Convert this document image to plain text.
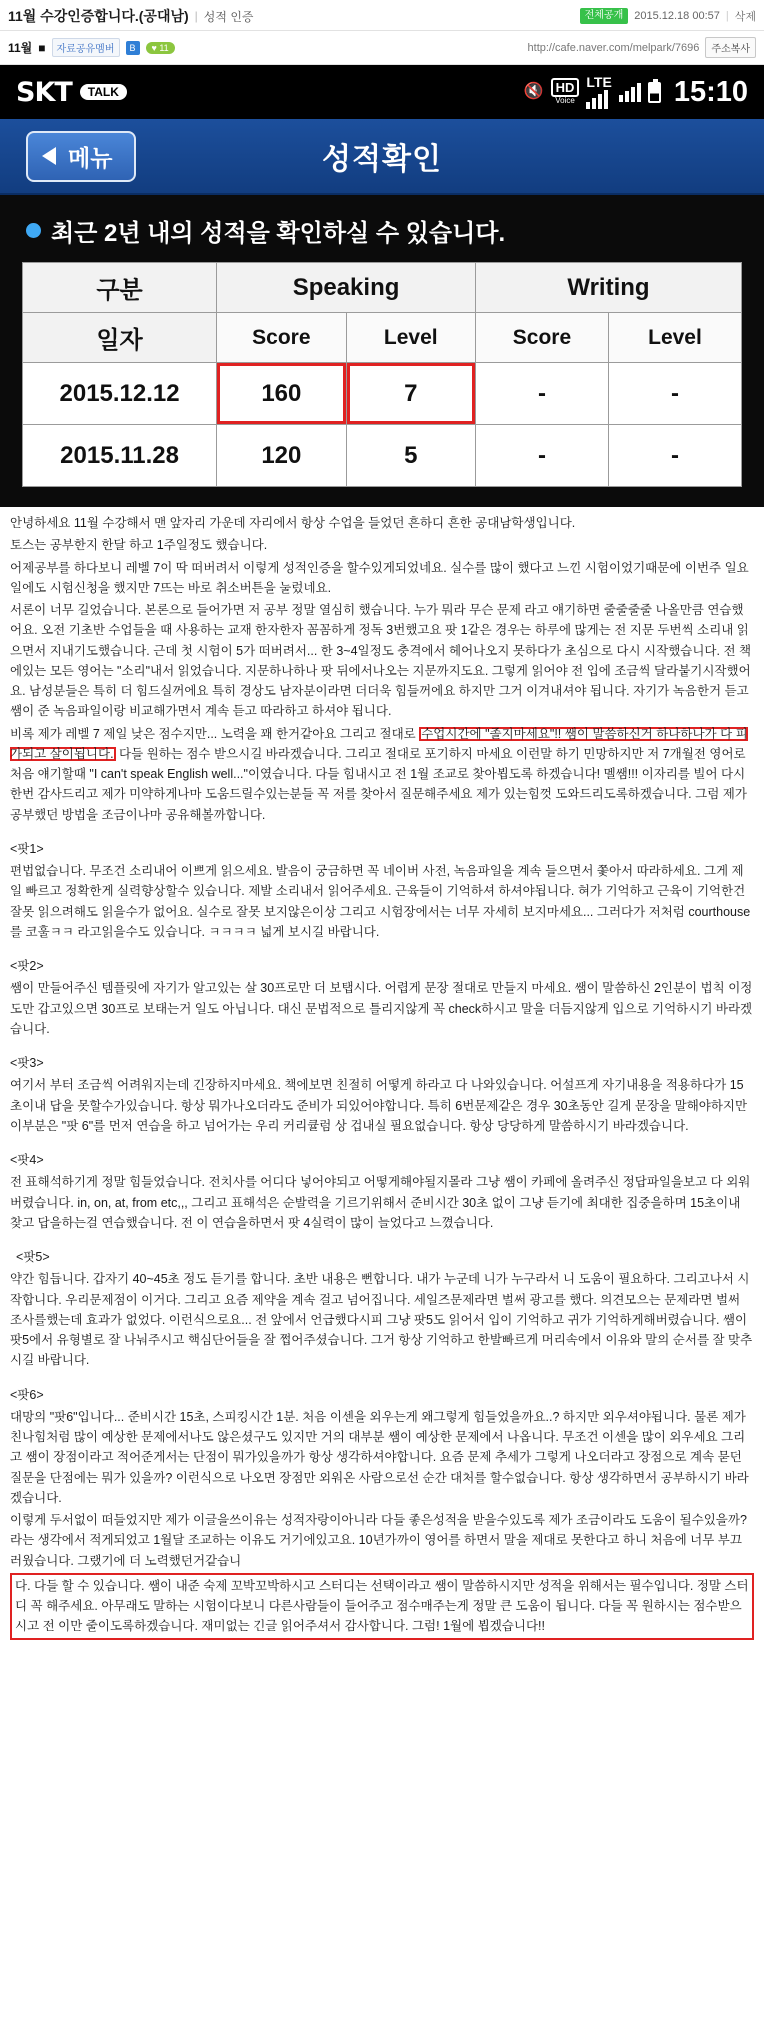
11월 수강인증합니다.(공대남) | 성적 인증	전체공개	2015.12.18 00:57 | 삭제
11월 ■	자료공유멤버	B	♥ 11	http://cafe.naver.com/melpark/7696	주소복사
SKT	TALK	🔇 HD
Voice
LTE 15:10
메뉴	성적확인
최근 2년 내의 성적을 확인하실 수 있습니다.
구분	Speaking		Writing	
일자	Score	Level	Score	Level
2015.12.12	160	7	-	-
2015.11.28	120	5	-	-

안녕하세요 11월 수강해서 맨 앞자리 가운데 자리에서 항상 수업을 들었던 흔하디 흔한 공대남학생입니다.

토스는 공부한지 한달 하고 1주일정도 했습니다.

어제공부를 하다보니 레벨 7이 딱 떠버려서 이렇게 성적인증을 할수있게되었네요. 실수를 많이 했다고 느낀 시험이었기때문에 이번주 일요일에도 시험신청을 했지만 7뜨는 바로 취소버튼을 눌렀네요.

서론이 너무 길었습니다. 본론으로 들어가면 저 공부 정말 열심히 했습니다. 누가 뭐라 무슨 문제 라고 얘기하면 줄줄줄줄 나올만큼 연습했어요. 오전 기초반 수업들을 때 사용하는 교재 한자한자 꼼꼼하게 정독 3번했고요 팟 1같은 경우는 하루에 많게는 전 지문 두번씩 소리내 읽으면서 지내기도했습니다. 근데 첫 시험이 5가 떠버려서... 한 3~4일정도 충격에서 헤어나오지 못하다가 초심으로 다시 시작했습니다. 전 책에있는 모든 영어는 "소리"내서 읽었습니다. 지문하나하나 팟 뒤에서나오는 지문까지도요. 그렇게 읽어야 전 입에 조금씩 달라붙기시작했어요. 남성분들은 특히 더 힘드실꺼에요 특히 경상도 남자분이라면 더더욱 힘들꺼에요 하지만 그거 이겨내셔야 됩니다. 자기가 녹음한거 듣고 쌤이 준 녹음파일이랑 비교해가면서 계속 듣고 따라하고 하셔야 됩니다.

비록 제가 레벨 7 제일 낮은 점수지만... 노력을 꽤 한거같아요 그리고 절대로 수업시간에 "졸지마세요"!! 쌤이 말씀하신거 하나하나가 다 피가되고 살이됩니다. 다들 원하는 점수 받으시길 바라겠습니다. 그리고 절대로 포기하지 마세요 이런말 하기 민망하지만 저 7개월전 영어로 처음 얘기할때 "I can't speak English well..."이였습니다. 다들 힘내시고 전 1월 조교로 찾아뵙도록 하겠습니다! 멜쌤!!! 이자리를 빌어 다시한번 감사드리고 제가 미약하게나마 도움드릴수있는분들 꼭 저를 찾아서 질문해주세요 제가 있는힘껏 도와드리도록하겠습니다. 그럼 제가 공부했던 방법을 조금이나마 공유해볼까합니다.

<팟1>

편법없습니다. 무조건 소리내어 이쁘게 읽으세요. 발음이 궁금하면 꼭 네이버 사전, 녹음파일을 계속 들으면서 쫓아서 따라하세요. 그게 제일 빠르고 정확한게 실력향상할수 있습니다. 제발 소리내서 읽어주세요. 근육들이 기억하셔 하셔야됩니다. 혀가 기억하고 근육이 기억한건 잘못 읽으려해도 읽을수가 없어요. 실수로 잘못 보지않은이상 그리고 시험장에서는 너무 자세히 보지마세요... 그러다가 저처럼 courthouse를 코훌ㅋㅋ 라고읽을수도 있습니다. ㅋㅋㅋㅋ 넓게 보시길 바랍니다.

<팟2>

쌤이 만들어주신 템플릿에 자기가 알고있는 살 30프로만 더 보탭시다. 어렵게 문장 절대로 만들지 마세요. 쌤이 말씀하신 2인분이 법칙 이정도만 갑고있으면 30프로 보태는거 일도 아닙니다. 대신 문법적으로 틀리지않게 꼭 check하시고 말을 더듬지않게 입으로 기억하시기 바라겠습니다.

<팟3>

여기서 부터 조금씩 어려워지는데 긴장하지마세요. 책에보면 친절히 어떻게 하라고 다 나와있습니다. 어설프게 자기내용을 적용하다가 15초이내 답을 못할수가있습니다. 항상 뭐가나오더라도 준비가 되있어야합니다. 특히 6번문제같은 경우 30초동안 길게 문장을 말해야하지만 이부분은 "팟 6"를 먼저 연습을 하고 넘어가는 우리 커리큘럼 상 겁내실 필요없습니다. 항상 당당하게 말씀하시기 바라겠습니다.

<팟4>

전 표해석하기게 정말 힘들었습니다. 전치사를 어디다 넣어야되고 어떻게해야될지몰라 그냥 쌤이 카페에 올려주신 정답파일을보고 다 외워버렸습니다. in, on, at, from etc,,, 그리고 표해석은 순발력을 기르기위해서 준비시간 30초 없이 그냥 듣기에 최대한 집중을하며 15초이내 찾고 답을하는걸 연습했습니다. 전 이 연습을하면서 팟 4실력이 많이 늘었다고 느꼈습니다.

<팟5>

약간 힘듭니다. 갑자기 40~45초 정도 듣기를 합니다. 초반 내용은 뻔합니다. 내가 누군데 니가 누구라서 니 도움이 필요하다. 그리고나서 시작합니다. 우리문제점이 이거다. 그리고 요즘 제약을 계속 걸고 넘어집니다. 세일즈문제라면 벌써 광고를 했다. 의견모으는 문제라면 벌써 조사를했는데 효과가 없었다. 이런식으로요... 전 앞에서 언급했다시피 그냥 팟5도 읽어서 입이 기억하고 귀가 기억하게해버렸습니다. 쌤이 팟5에서 유형별로 잘 나눠주시고 핵심단어들을 잘 쩝어주셨습니다. 그거 항상 기억하고 한발빠르게 머리속에서 이유와 말의 순서를 잘 맞추시길 바랍니다.

<팟6>

대망의 "팟6"입니다... 준비시간 15초, 스피킹시간 1분. 처음 이센을 외우는게 왜그렇게 힘들었을까요..? 하지만 외우셔야됩니다. 물론 제가 친나힘처럼 많이 예상한 문제에서나도 않은셨구도 있지만 거의 대부분 쌤이 예상한 문제에서 나옵니다. 무조건 이센을 많이 외우세요 그리고 쌤이 장점이라고 적어준게서는 단점이 뭐가있을까가 항상 생각하셔야합니다. 요즘 문제 추세가 그렇게 나오더라고 장점으로 계속 묻던 질문을 단점에는 뭐가 있을까? 이런식으로 나오면 장점만 외워온 사람으로선 순간 대처를 할수없습니다. 항상 생각하면서 공부하시기 바라겠습니다.

이렇게 두서없이 떠들었지만 제가 이글을쓰이유는 성적자랑이아니라 다들 좋은성적을 받을수있도록 제가 조금이라도 도움이 될수있을까? 라는 생각에서 적게되었고 1월달 조교하는 이유도 거기에있고요. 10년가까이 영어를 하면서 말을 제대로 못한다고 하니 처음에 너무 부끄러웠습니다. 그랬기에 더 노력했던거같습니

다. 다들 할 수 있습니다. 쌤이 내준 숙제 꼬박꼬박하시고 스터디는 선택이라고 쌤이 말씀하시지만 성적을 위해서는 필수입니다. 정말 스터디 꼭 해주세요. 아무래도 말하는 시험이다보니 다른사람들이 들어주고 점수매주는게 정말 큰 도움이 됩니다. 다들 꼭 원하시는 점수받으시고 전 이만 줄이도록하겠습니다. 재미없는 긴글 읽어주셔서 감사합니다. 그럼! 1월에 뵙겠습니다!!
